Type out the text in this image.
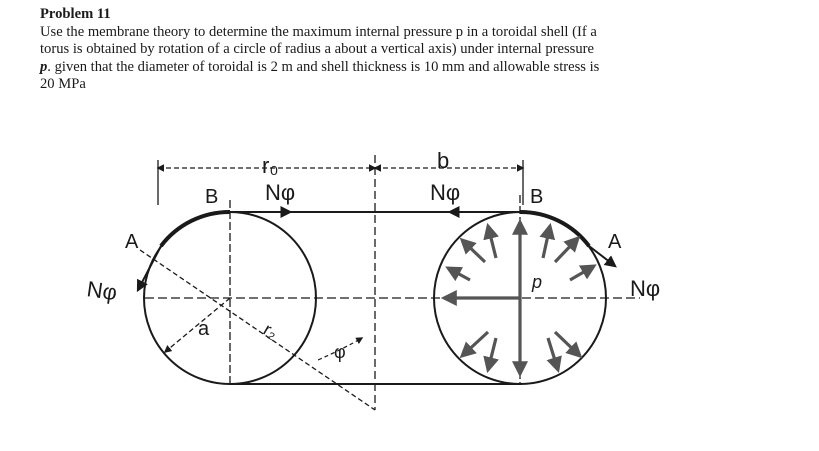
Problem 11

Use the membrane theory to determine the maximum internal pressure p in a toroidal shell (If a

torus is obtained by rotation of a circle of radius a about a vertical axis) under internal pressure

p. given that the diameter of toroidal is 2 m and shell thickness is 10 mm and allowable stress is

20 MPa

r₀	b
B Nφ	Nφ	B
A	A
Nφ	Nφ
a	r₂
φ
p
